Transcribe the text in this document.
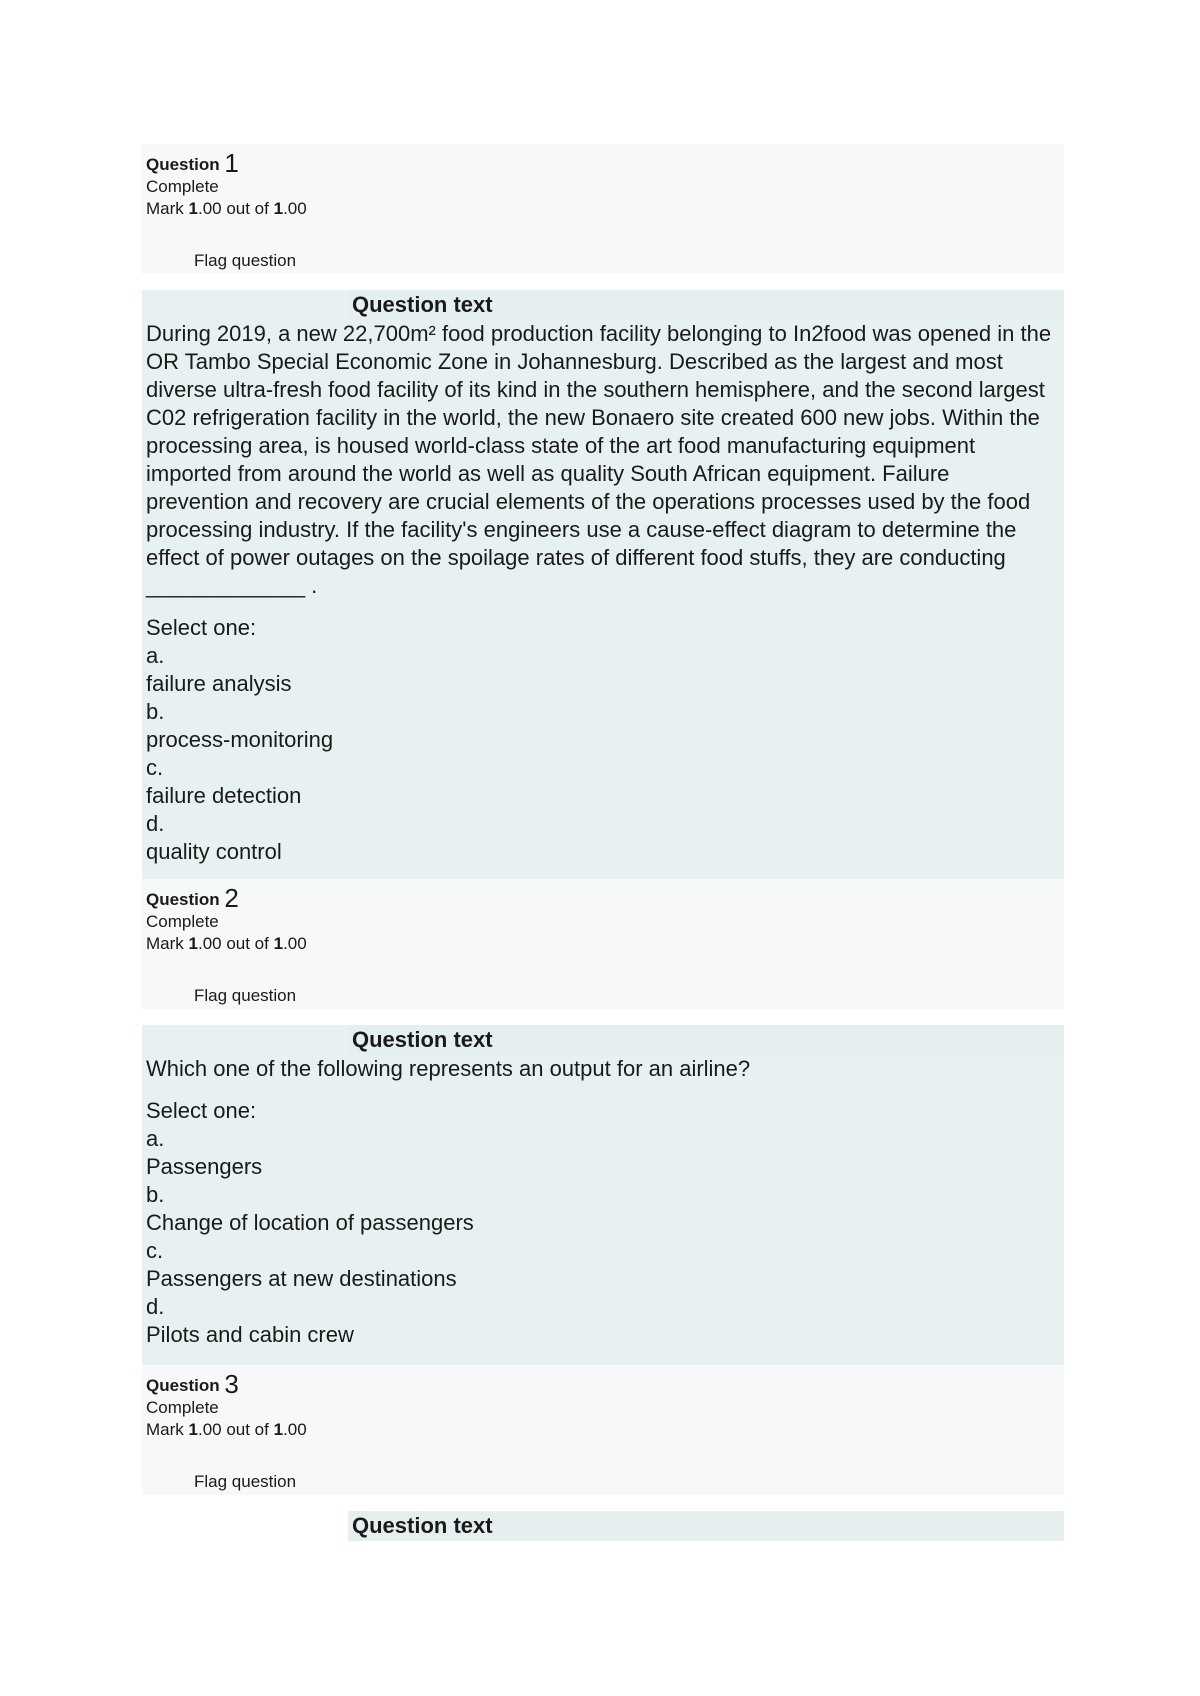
Question 1
Complete
Mark 1.00 out of 1.00
Flag question

During 2019, a new 22,700m² food production facility belonging to In2food was opened in the OR Tambo Special Economic Zone in Johannesburg. Described as the largest and most diverse ultra-fresh food facility of its kind in the southern hemisphere, and the second largest C02 refrigeration facility in the world, the new Bonaero site created 600 new jobs. Within the processing area, is housed world-class state of the art food manufacturing equipment imported from around the world as well as quality South African equipment. Failure prevention and recovery are crucial elements of the operations processes used by the food processing industry. If the facility's engineers use a cause-effect diagram to determine the effect of power outages on the spoilage rates of different food stuffs, they are conducting _____________ .

Select one:
a.
failure analysis
b.
process-monitoring
c.
failure detection
d.
quality control
Question text
Question 2
Complete
Mark 1.00 out of 1.00
Flag question

Which one of the following represents an output for an airline?

Select one:
a.
Passengers
b.
Change of location of passengers
c.
Passengers at new destinations
d.
Pilots and cabin crew
Question text
Question 3
Complete
Mark 1.00 out of 1.00
Flag question
Question text
